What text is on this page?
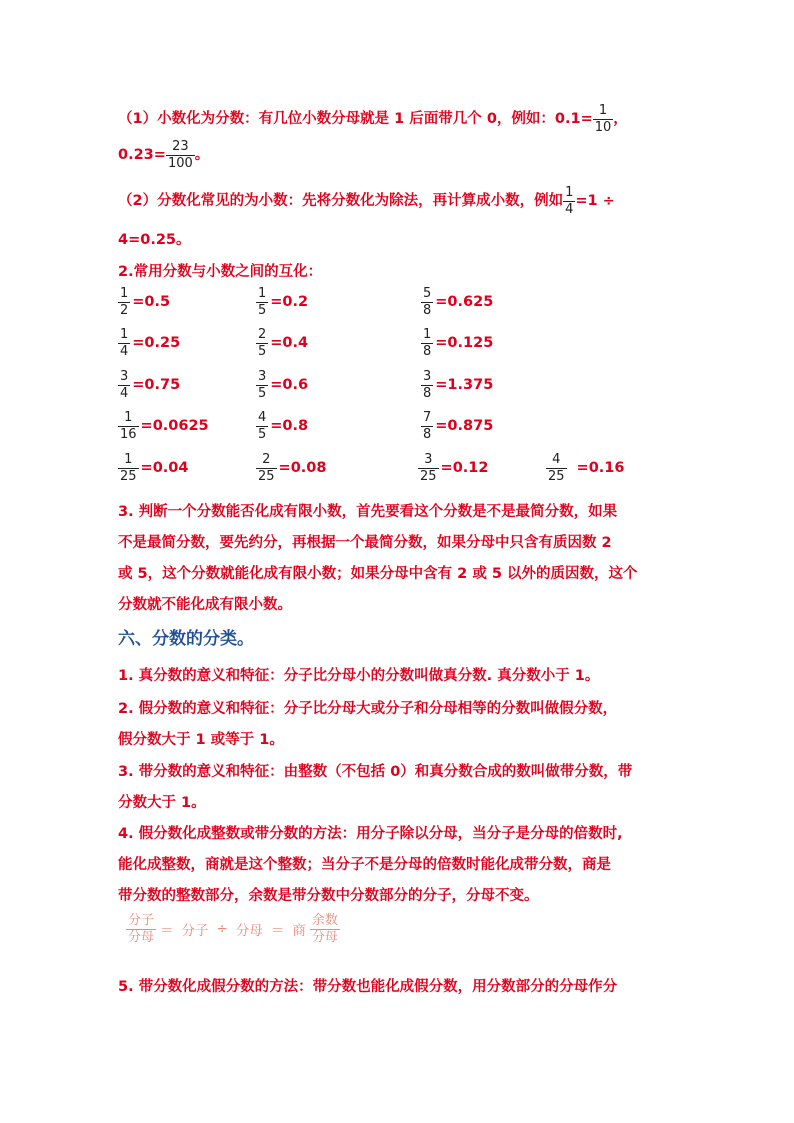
（1）小数化为分数：有几位小数分母就是 1 后面带几个 0，例如：$0.1= \frac{1}{10}$ ，
$0.23= \frac{23}{100}$ 。
（2）分数化常见的为小数：先将分数化为除法，再计算成小数，例如 $\frac{1}{4} =1$ ÷
4=0.25。
2.常用分数与小数之间的互化：
$\frac{1}{2} =0.5$	$\frac{1}{5} =0.2$	$\frac{5}{8} =0.625$
$\frac{1}{4} =0.25$	$\frac{2}{5} =0.4$	$\frac{1}{8} =0.125$
$\frac{3}{4} =0.75$	$\frac{3}{5} =0.6$	$\frac{3}{8} =1.375$
$\frac{1}{16} =0.0625$	$\frac{4}{5} =0.8$	$\frac{7}{8} =0.875$
$\frac{1}{25} =0.04$	$\frac{2}{25} =0.08$	$\frac{3}{25} =0.12$	$\frac{4}{25} =0.16$
3. 判断一个分数能否化成有限小数，首先要看这个分数是不是最简分数，如果
不是最简分数，要先约分，再根据一个最简分数，如果分母中只含有质因数 2
或 5，这个分数就能化成有限小数；如果分母中含有 2 或 5 以外的质因数，这个
分数就不能化成有限小数。
六、分数的分类。
1. 真分数的意义和特征：分子比分母小的分数叫做真分数. 真分数小于 1。
2. 假分数的意义和特征：分子比分母大或分子和分母相等的分数叫做假分数，
假分数大于 1 或等于 1。
3. 带分数的意义和特征：由整数（不包括 0）和真分数合成的数叫做带分数，带
分数大于 1。
4. 假分数化成整数或带分数的方法：用分子除以分母，当分子是分母的倍数时,
能化成整数，商就是这个整数；当分子不是分母的倍数时能化成带分数，商是
带分数的整数部分，余数是带分数中分数部分的分子，分母不变。
$\frac{\text{分子}}{\text{分母}}$ ＝ 分子 ÷ 分母 ＝ 商 $\frac{\text{余数}}{\text{分母}}$
5. 带分数化成假分数的方法：带分数也能化成假分数，用分数部分的分母作分
